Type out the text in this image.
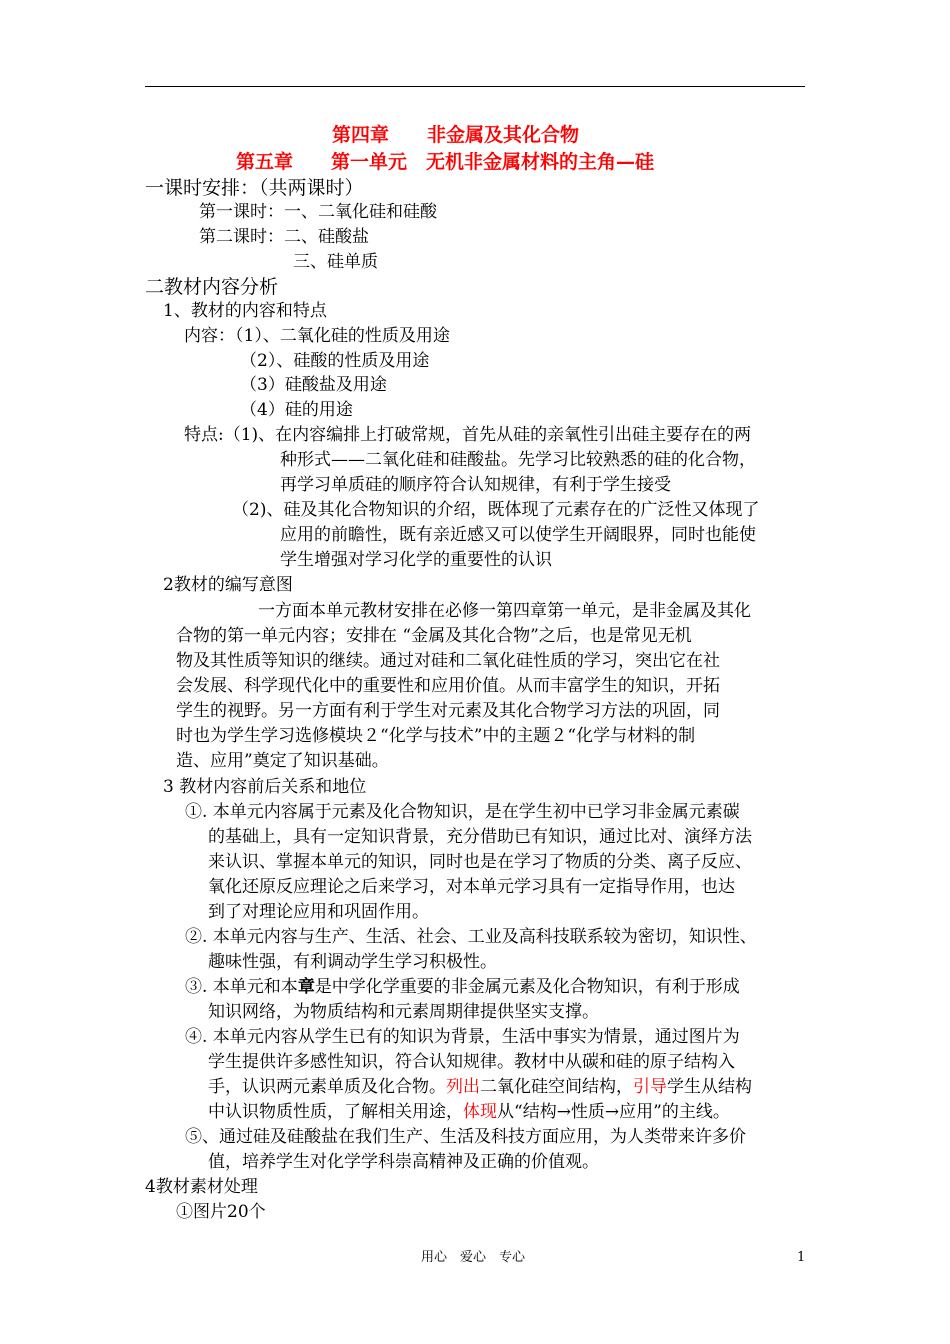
第四章　　非金属及其化合物
第五章　　第一单元　无机非金属材料的主角—硅
一课时安排：（共两课时）
第一课时：一、二氧化硅和硅酸
第二课时：二、硅酸盐
三、硅单质
二教材内容分析
1、教材的内容和特点
内容：（1）、二氧化硅的性质及用途
（2）、硅酸的性质及用途
（3）硅酸盐及用途
（4）硅的用途
特点:（1)、在内容编排上打破常规，首先从硅的亲氧性引出硅主要存在的两
种形式——二氧化硅和硅酸盐。先学习比较熟悉的硅的化合物，
再学习单质硅的顺序符合认知规律，有利于学生接受
（2)、硅及其化合物知识的介绍，既体现了元素存在的广泛性又体现了
应用的前瞻性，既有亲近感又可以使学生开阔眼界，同时也能使
学生增强对学习化学的重要性的认识
2教材的编写意图
一方面本单元教材安排在必修一第四章第一单元，是非金属及其化
合物的第一单元内容；安排在 “金属及其化合物”之后，也是常见无机
物及其性质等知识的继续。通过对硅和二氧化硅性质的学习，突出它在社
会发展、科学现代化中的重要性和应用价值。从而丰富学生的知识，开拓
学生的视野。另一方面有利于学生对元素及其化合物学习方法的巩固，同
时也为学生学习选修模块２“化学与技术”中的主题２“化学与材料的制
造、应用”奠定了知识基础。
3 教材内容前后关系和地位
①. 本单元内容属于元素及化合物知识，是在学生初中已学习非金属元素碳
的基础上，具有一定知识背景，充分借助已有知识，通过比对、演绎方法
来认识、掌握本单元的知识，同时也是在学习了物质的分类、离子反应、
氧化还原反应理论之后来学习，对本单元学习具有一定指导作用，也达
到了对理论应用和巩固作用。
②. 本单元内容与生产、生活、社会、工业及高科技联系较为密切，知识性、
趣味性强，有利调动学生学习积极性。
③. 本单元和本章是中学化学重要的非金属元素及化合物知识，有利于形成
知识网络，为物质结构和元素周期律提供坚实支撑。
④. 本单元内容从学生已有的知识为背景，生活中事实为情景，通过图片为
学生提供许多感性知识，符合认知规律。教材中从碳和硅的原子结构入
手，认识两元素单质及化合物。列出二氧化硅空间结构，引导学生从结构
中认识物质性质，了解相关用途，体现从“结构→性质→应用”的主线。
⑤、通过硅及硅酸盐在我们生产、生活及科技方面应用，为人类带来许多价
值，培养学生对化学学科崇高精神及正确的价值观。
4教材素材处理
①图片20个
用心　爱心　专心	1
